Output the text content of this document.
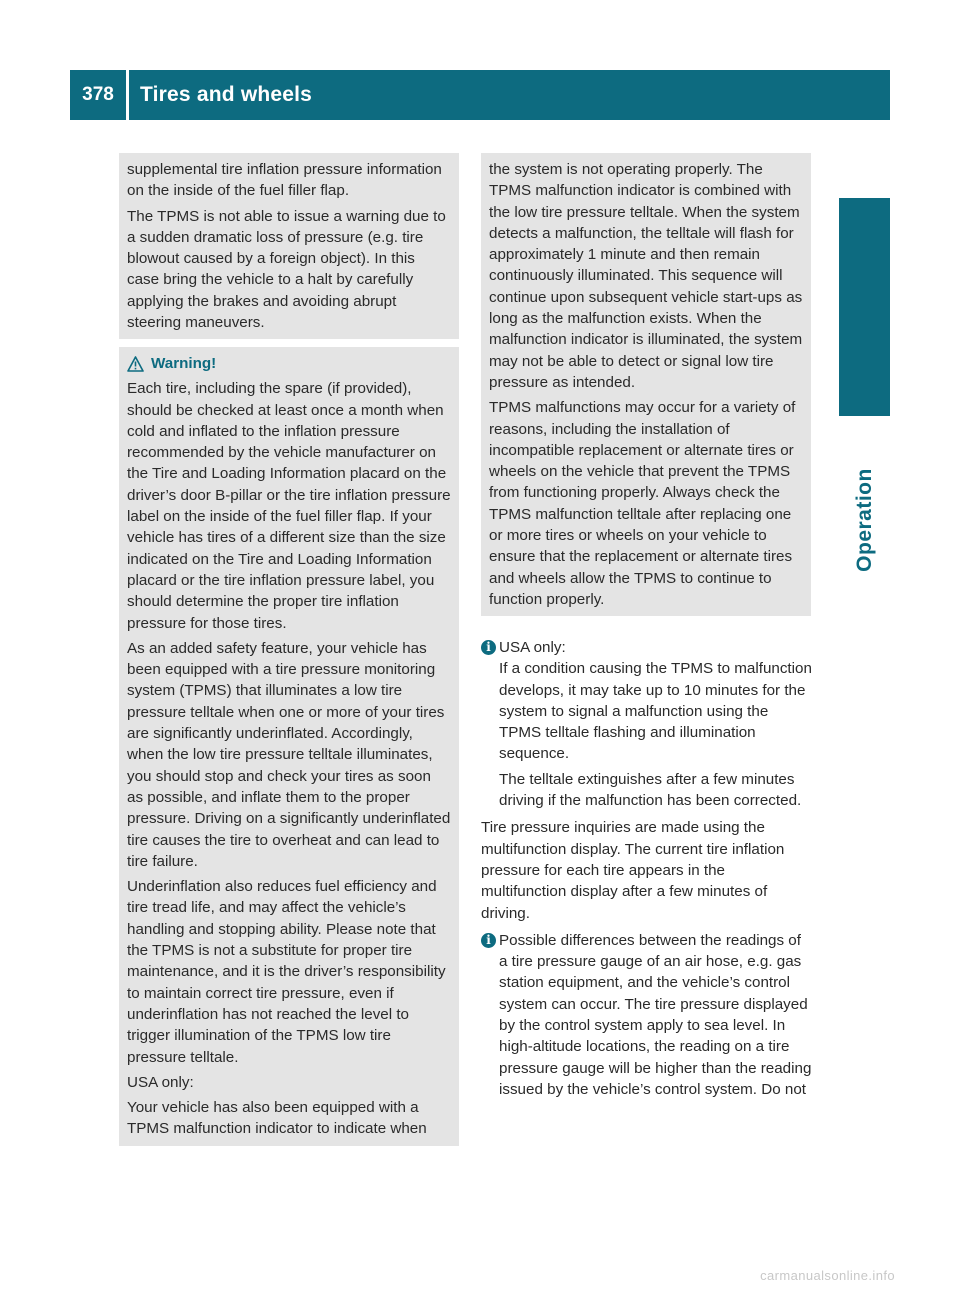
378	Tires and wheels
Operation

supplemental tire inflation pressure information on the inside of the fuel filler flap.

The TPMS is not able to issue a warning due to a sudden dramatic loss of pressure (e.g. tire blowout caused by a foreign object). In this case bring the vehicle to a halt by carefully applying the brakes and avoiding abrupt steering maneuvers.

Warning!

Each tire, including the spare (if provided), should be checked at least once a month when cold and inflated to the inflation pressure recommended by the vehicle manufacturer on the Tire and Loading Information placard on the driver’s door B-pillar or the tire inflation pressure label on the inside of the fuel filler flap. If your vehicle has tires of a different size than the size indicated on the Tire and Loading Information placard or the tire inflation pressure label, you should determine the proper tire inflation pressure for those tires.

As an added safety feature, your vehicle has been equipped with a tire pressure monitoring system (TPMS) that illuminates a low tire pressure telltale when one or more of your tires are significantly underinflated. Accordingly, when the low tire pressure telltale illuminates, you should stop and check your tires as soon as possible, and inflate them to the proper pressure. Driving on a significantly underinflated tire causes the tire to overheat and can lead to tire failure.

Underinflation also reduces fuel efficiency and tire tread life, and may affect the vehicle’s handling and stopping ability. Please note that the TPMS is not a substitute for proper tire maintenance, and it is the driver’s responsibility to maintain correct tire pressure, even if underinflation has not reached the level to trigger illumination of the TPMS low tire pressure telltale.

USA only:

Your vehicle has also been equipped with a TPMS malfunction indicator to indicate when

the system is not operating properly. The TPMS malfunction indicator is combined with the low tire pressure telltale. When the system detects a malfunction, the telltale will flash for approximately 1 minute and then remain continuously illuminated. This sequence will continue upon subsequent vehicle start-ups as long as the malfunction exists. When the malfunction indicator is illuminated, the system may not be able to detect or signal low tire pressure as intended.

TPMS malfunctions may occur for a variety of reasons, including the installation of incompatible replacement or alternate tires or wheels on the vehicle that prevent the TPMS from functioning properly. Always check the TPMS malfunction telltale after replacing one or more tires or wheels on your vehicle to ensure that the replacement or alternate tires and wheels allow the TPMS to continue to function properly.

i USA only:
If a condition causing the TPMS to malfunction develops, it may take up to 10 minutes for the system to signal a malfunction using the TPMS telltale flashing and illumination sequence.

The telltale extinguishes after a few minutes driving if the malfunction has been corrected.

Tire pressure inquiries are made using the multifunction display. The current tire inflation pressure for each tire appears in the multifunction display after a few minutes of driving.

i Possible differences between the readings of a tire pressure gauge of an air hose, e.g. gas station equipment, and the vehicle’s control system can occur. The tire pressure displayed by the control system apply to sea level. In high-altitude locations, the reading on a tire pressure gauge will be higher than the reading issued by the vehicle’s control system. Do not

carmanualsonline.info
